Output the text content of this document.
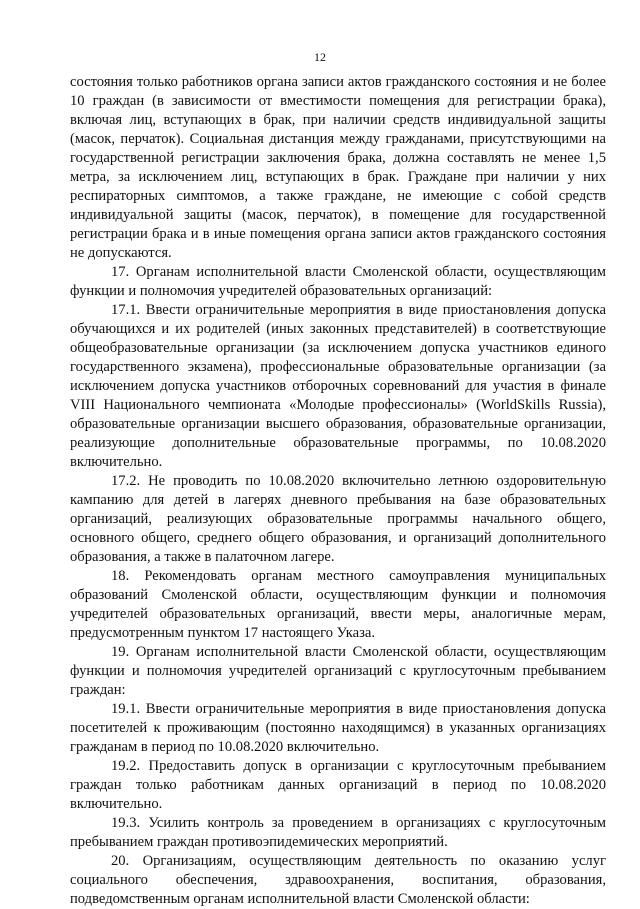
12

состояния только работников органа записи актов гражданского состояния и не более 10 граждан (в зависимости от вместимости помещения для регистрации брака), включая лиц, вступающих в брак, при наличии средств индивидуальной защиты (масок, перчаток). Социальная дистанция между гражданами, присутствующими на государственной регистрации заключения брака, должна составлять не менее 1,5 метра, за исключением лиц, вступающих в брак. Граждане при наличии у них респираторных симптомов, а также граждане, не имеющие с собой средств индивидуальной защиты (масок, перчаток), в помещение для государственной регистрации брака и в иные помещения органа записи актов гражданского состояния не допускаются.

17. Органам исполнительной власти Смоленской области, осуществляющим функции и полномочия учредителей образовательных организаций:

17.1. Ввести ограничительные мероприятия в виде приостановления допуска обучающихся и их родителей (иных законных представителей) в соответствующие общеобразовательные организации (за исключением допуска участников единого государственного экзамена), профессиональные образовательные организации (за исключением допуска участников отборочных соревнований для участия в финале VIII Национального чемпионата «Молодые профессионалы» (WorldSkills Russia), образовательные организации высшего образования, образовательные организации, реализующие дополнительные образовательные программы, по 10.08.2020 включительно.

17.2. Не проводить по 10.08.2020 включительно летнюю оздоровительную кампанию для детей в лагерях дневного пребывания на базе образовательных организаций, реализующих образовательные программы начального общего, основного общего, среднего общего образования, и организаций дополнительного образования, а также в палаточном лагере.

18. Рекомендовать органам местного самоуправления муниципальных образований Смоленской области, осуществляющим функции и полномочия учредителей образовательных организаций, ввести меры, аналогичные мерам, предусмотренным пунктом 17 настоящего Указа.

19. Органам исполнительной власти Смоленской области, осуществляющим функции и полномочия учредителей организаций с круглосуточным пребыванием граждан:

19.1. Ввести ограничительные мероприятия в виде приостановления допуска посетителей к проживающим (постоянно находящимся) в указанных организациях гражданам в период по 10.08.2020 включительно.

19.2. Предоставить допуск в организации с круглосуточным пребыванием граждан только работникам данных организаций в период по 10.08.2020 включительно.

19.3. Усилить контроль за проведением в организациях с круглосуточным пребыванием граждан противоэпидемических мероприятий.

20. Организациям, осуществляющим деятельность по оказанию услуг социального обеспечения, здравоохранения, воспитания, образования, подведомственным органам исполнительной власти Смоленской области:
